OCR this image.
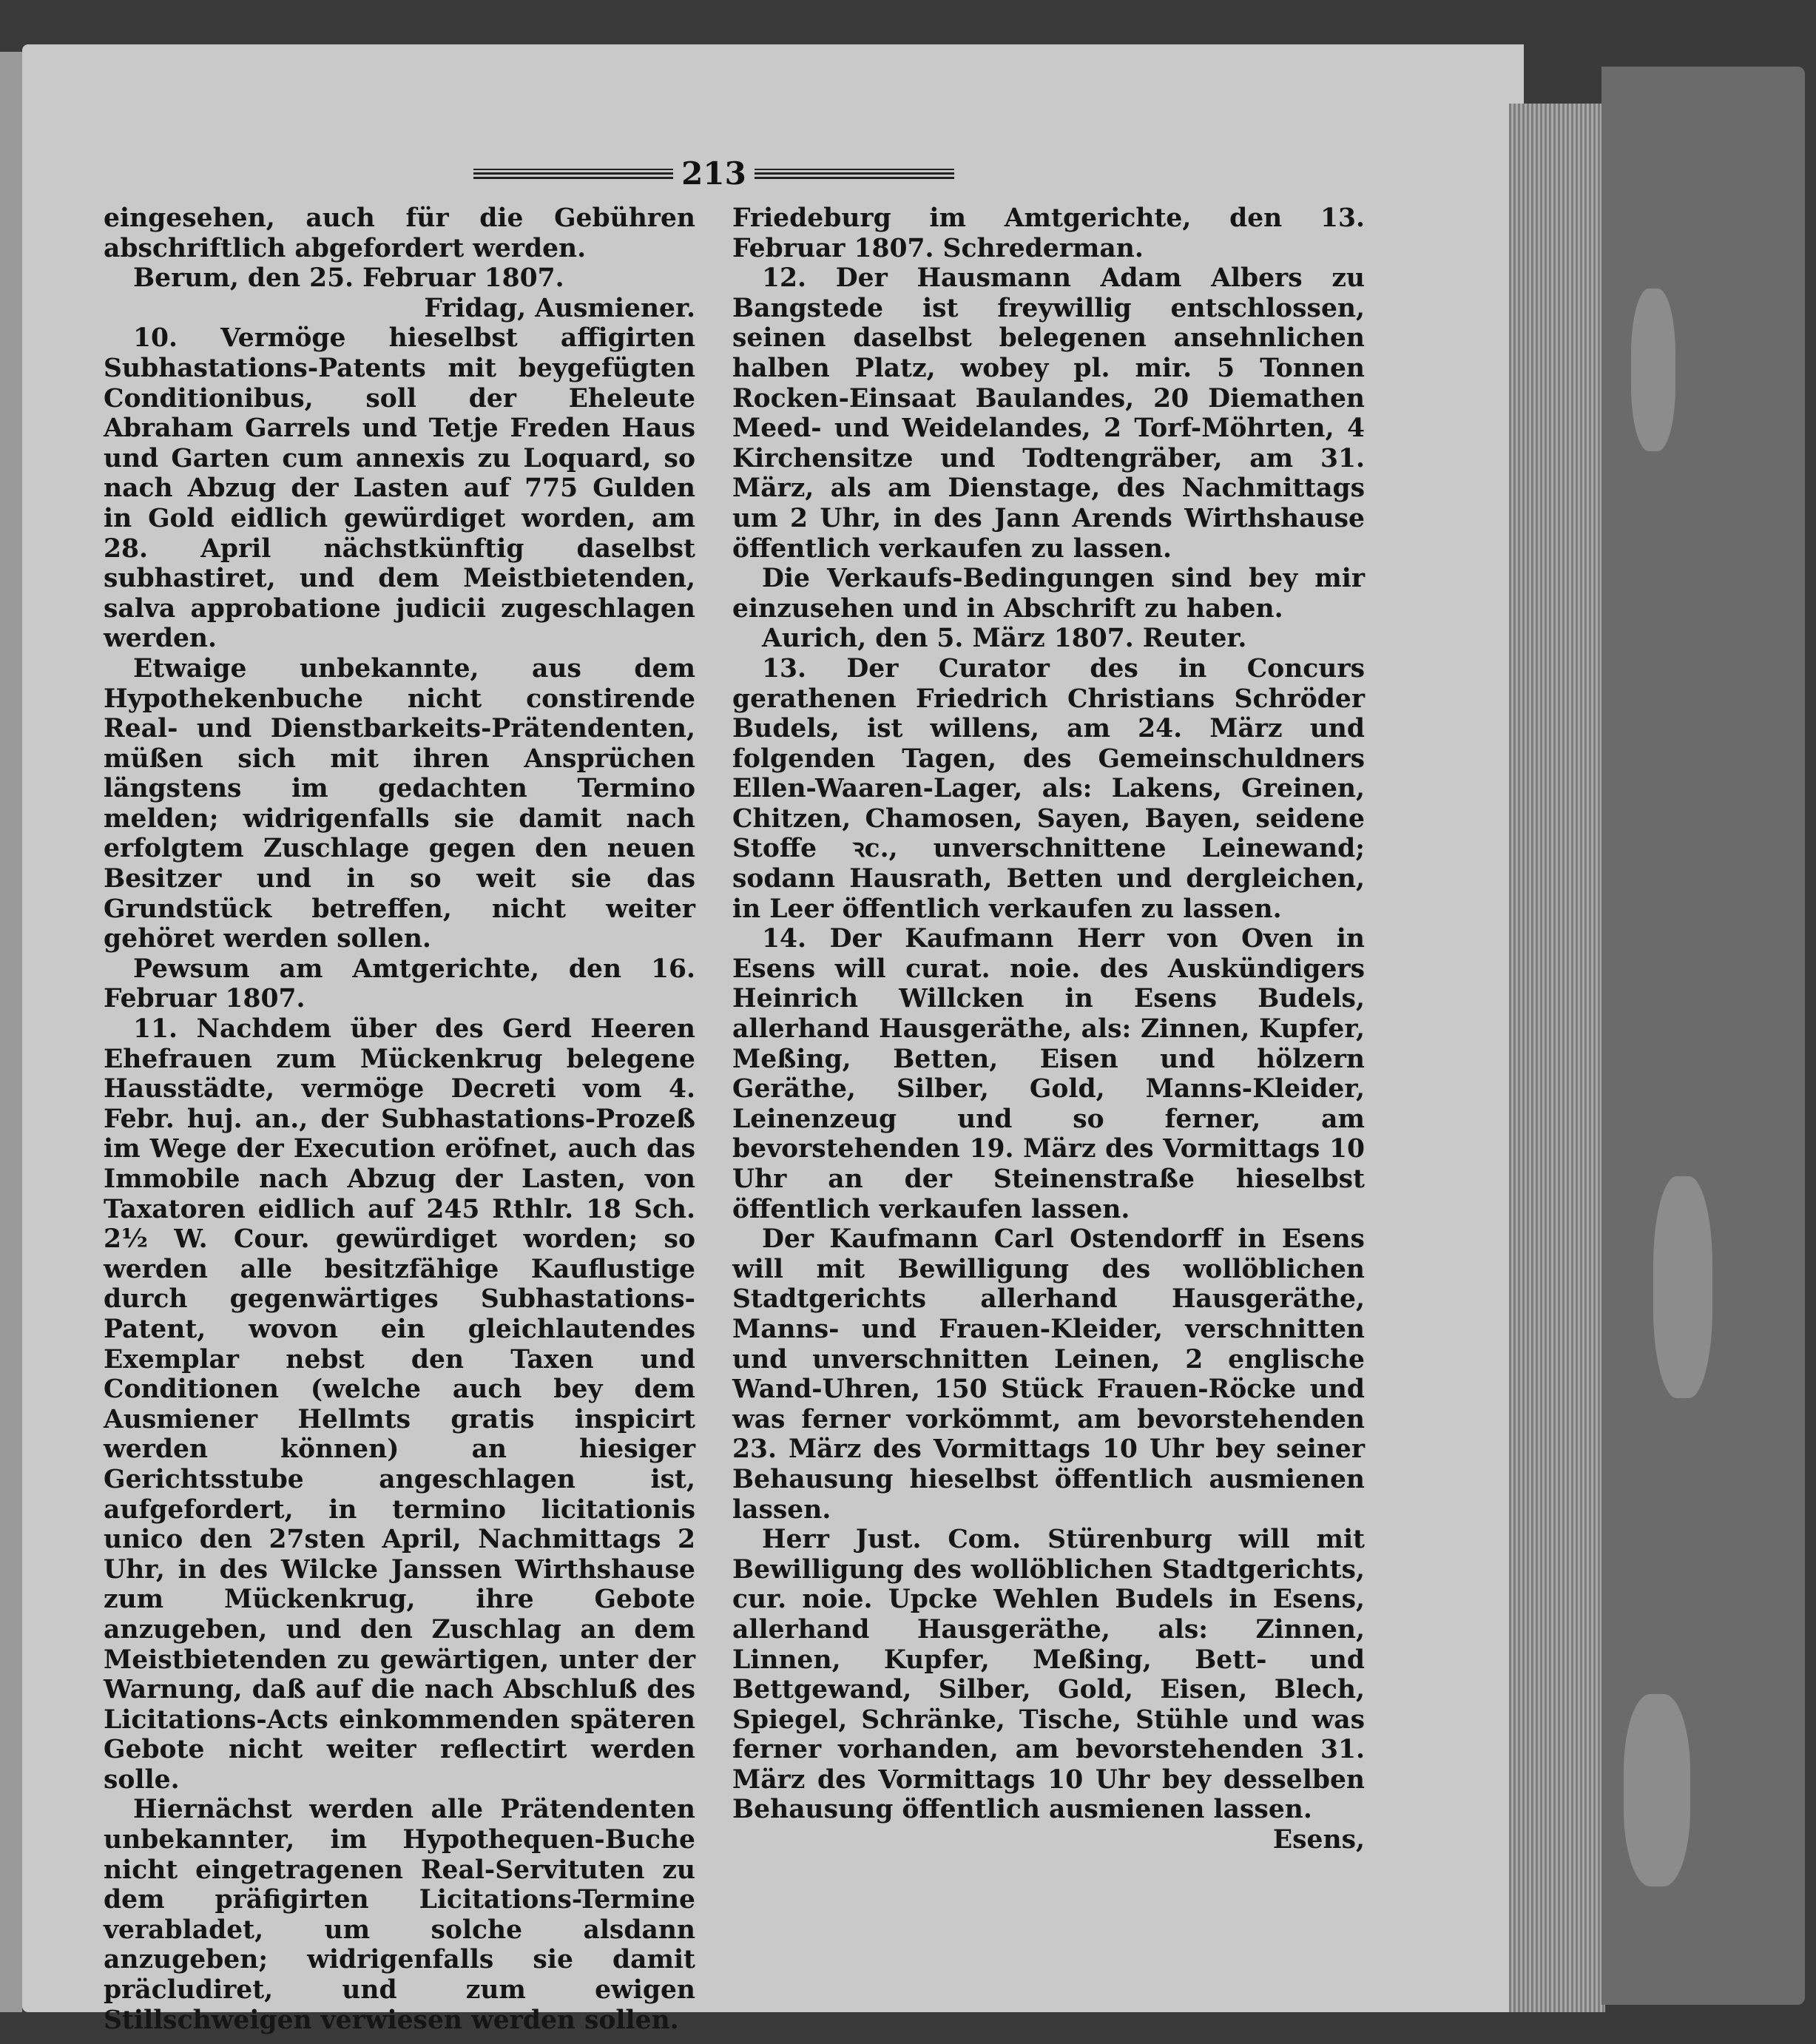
213

eingesehen, auch für die Gebühren abschriftlich abgefordert werden.

Berum, den 25. Februar 1807.

Fridag, Ausmiener.

10. Vermöge hieselbst affigirten Subhastations-Patents mit beygefügten Conditionibus, soll der Eheleute Abraham Garrels und Tetje Freden Haus und Garten cum annexis zu Loquard, so nach Abzug der Lasten auf 775 Gulden in Gold eidlich gewürdiget worden, am 28. April nächstkünftig daselbst subhastiret, und dem Meistbietenden, salva approbatione judicii zugeschlagen werden.

Etwaige unbekannte, aus dem Hypothekenbuche nicht constirende Real- und Dienstbarkeits-Prätendenten, müßen sich mit ihren Ansprüchen längstens im gedachten Termino melden; widrigenfalls sie damit nach erfolgtem Zuschlage gegen den neuen Besitzer und in so weit sie das Grundstück betreffen, nicht weiter gehöret werden sollen.

Pewsum am Amtgerichte, den 16. Februar 1807.

11. Nachdem über des Gerd Heeren Ehefrauen zum Mückenkrug belegene Hausstädte, vermöge Decreti vom 4. Febr. huj. an., der Subhastations-Prozeß im Wege der Execution eröfnet, auch das Immobile nach Abzug der Lasten, von Taxatoren eidlich auf 245 Rthlr. 18 Sch. 2½ W. Cour. gewürdiget worden; so werden alle besitzfähige Kauflustige durch gegenwärtiges Subhastations-Patent, wovon ein gleichlautendes Exemplar nebst den Taxen und Conditionen (welche auch bey dem Ausmiener Hellmts gratis inspicirt werden können) an hiesiger Gerichtsstube angeschlagen ist, aufgefordert, in termino licitationis unico den 27sten April, Nachmittags 2 Uhr, in des Wilcke Janssen Wirthshause zum Mückenkrug, ihre Gebote anzugeben, und den Zuschlag an dem Meistbietenden zu gewärtigen, unter der Warnung, daß auf die nach Abschluß des Licitations-Acts einkommenden späteren Gebote nicht weiter reflectirt werden solle.

Hiernächst werden alle Prätendenten unbekannter, im Hypothequen-Buche nicht eingetragenen Real-Servituten zu dem präfigirten Licitations-Termine verabladet, um solche alsdann anzugeben; widrigenfalls sie damit präcludiret, und zum ewigen Stillschweigen verwiesen werden sollen.

Friedeburg im Amtgerichte, den 13. Februar 1807. Schrederman.

12. Der Hausmann Adam Albers zu Bangstede ist freywillig entschlossen, seinen daselbst belegenen ansehnlichen halben Platz, wobey pl. mir. 5 Tonnen Rocken-Einsaat Baulandes, 20 Diemathen Meed- und Weidelandes, 2 Torf-Möhrten, 4 Kirchensitze und Todtengräber, am 31. März, als am Dienstage, des Nachmittags um 2 Uhr, in des Jann Arends Wirthshause öffentlich verkaufen zu lassen.

Die Verkaufs-Bedingungen sind bey mir einzusehen und in Abschrift zu haben.

Aurich, den 5. März 1807. Reuter.

13. Der Curator des in Concurs gerathenen Friedrich Christians Schröder Budels, ist willens, am 24. März und folgenden Tagen, des Gemeinschuldners Ellen-Waaren-Lager, als: Lakens, Greinen, Chitzen, Chamosen, Sayen, Bayen, seidene Stoffe ꝛc., unverschnittene Leinewand; sodann Hausrath, Betten und dergleichen, in Leer öffentlich verkaufen zu lassen.

14. Der Kaufmann Herr von Oven in Esens will curat. noie. des Auskündigers Heinrich Willcken in Esens Budels, allerhand Hausgeräthe, als: Zinnen, Kupfer, Meßing, Betten, Eisen und hölzern Geräthe, Silber, Gold, Manns-Kleider, Leinenzeug und so ferner, am bevorstehenden 19. März des Vormittags 10 Uhr an der Steinenstraße hieselbst öffentlich verkaufen lassen.

Der Kaufmann Carl Ostendorff in Esens will mit Bewilligung des wollöblichen Stadtgerichts allerhand Hausgeräthe, Manns- und Frauen-Kleider, verschnitten und unverschnitten Leinen, 2 englische Wand-Uhren, 150 Stück Frauen-Röcke und was ferner vorkömmt, am bevorstehenden 23. März des Vormittags 10 Uhr bey seiner Behausung hieselbst öffentlich ausmienen lassen.

Herr Just. Com. Stürenburg will mit Bewilligung des wollöblichen Stadtgerichts, cur. noie. Upcke Wehlen Budels in Esens, allerhand Hausgeräthe, als: Zinnen, Linnen, Kupfer, Meßing, Bett- und Bettgewand, Silber, Gold, Eisen, Blech, Spiegel, Schränke, Tische, Stühle und was ferner vorhanden, am bevorstehenden 31. März des Vormittags 10 Uhr bey desselben Behausung öffentlich ausmienen lassen.

Esens,
